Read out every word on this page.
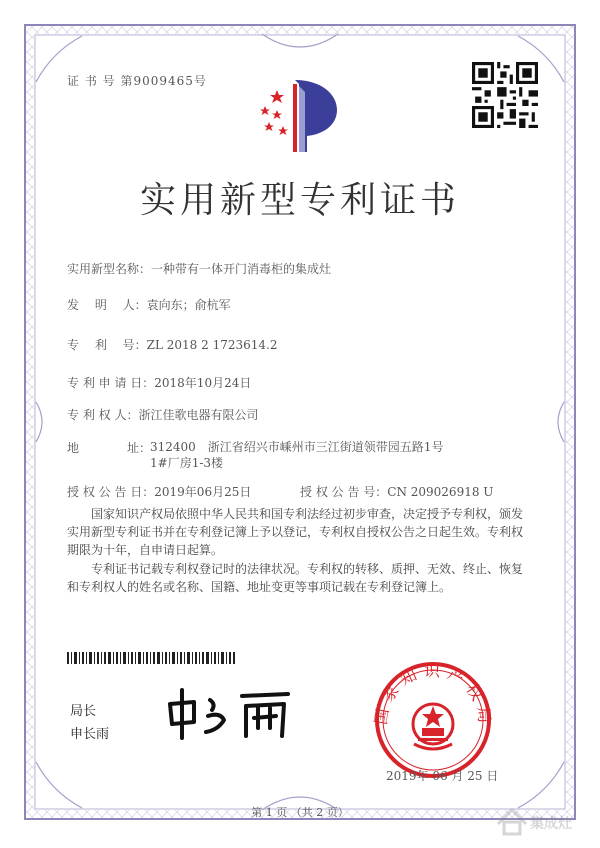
证 书 号 第9009465号
实用新型专利证书
实用新型名称：一种带有一体开门消毒柜的集成灶
发　 明　 人：袁向东；俞杭军
专　 利　 号：ZL 2018 2 1723614.2
专 利 申 请 日：2018年10月24日
专 利 权 人：浙江佳歌电器有限公司
地　　　　址：
312400　浙江省绍兴市嵊州市三江街道领带园五路1号1#厂房1-3楼
授 权 公 告 日：2019年06月25日	授 权 公 告 号：CN 209026918 U
国家知识产权局依照中华人民共和国专利法经过初步审查，决定授予专利权，颁发实用新型专利证书并在专利登记簿上予以登记，专利权自授权公告之日起生效。专利权期限为十年，自申请日起算。
专利证书记载专利权登记时的法律状况。专利权的转移、质押、无效、终止、恢复和专利权人的姓名或名称、国籍、地址变更等事项记载在专利登记簿上。
局长
申长雨
国家知识产权局
2019年 06 月 25 日
第 1 页 （共 2 页）
集成灶
